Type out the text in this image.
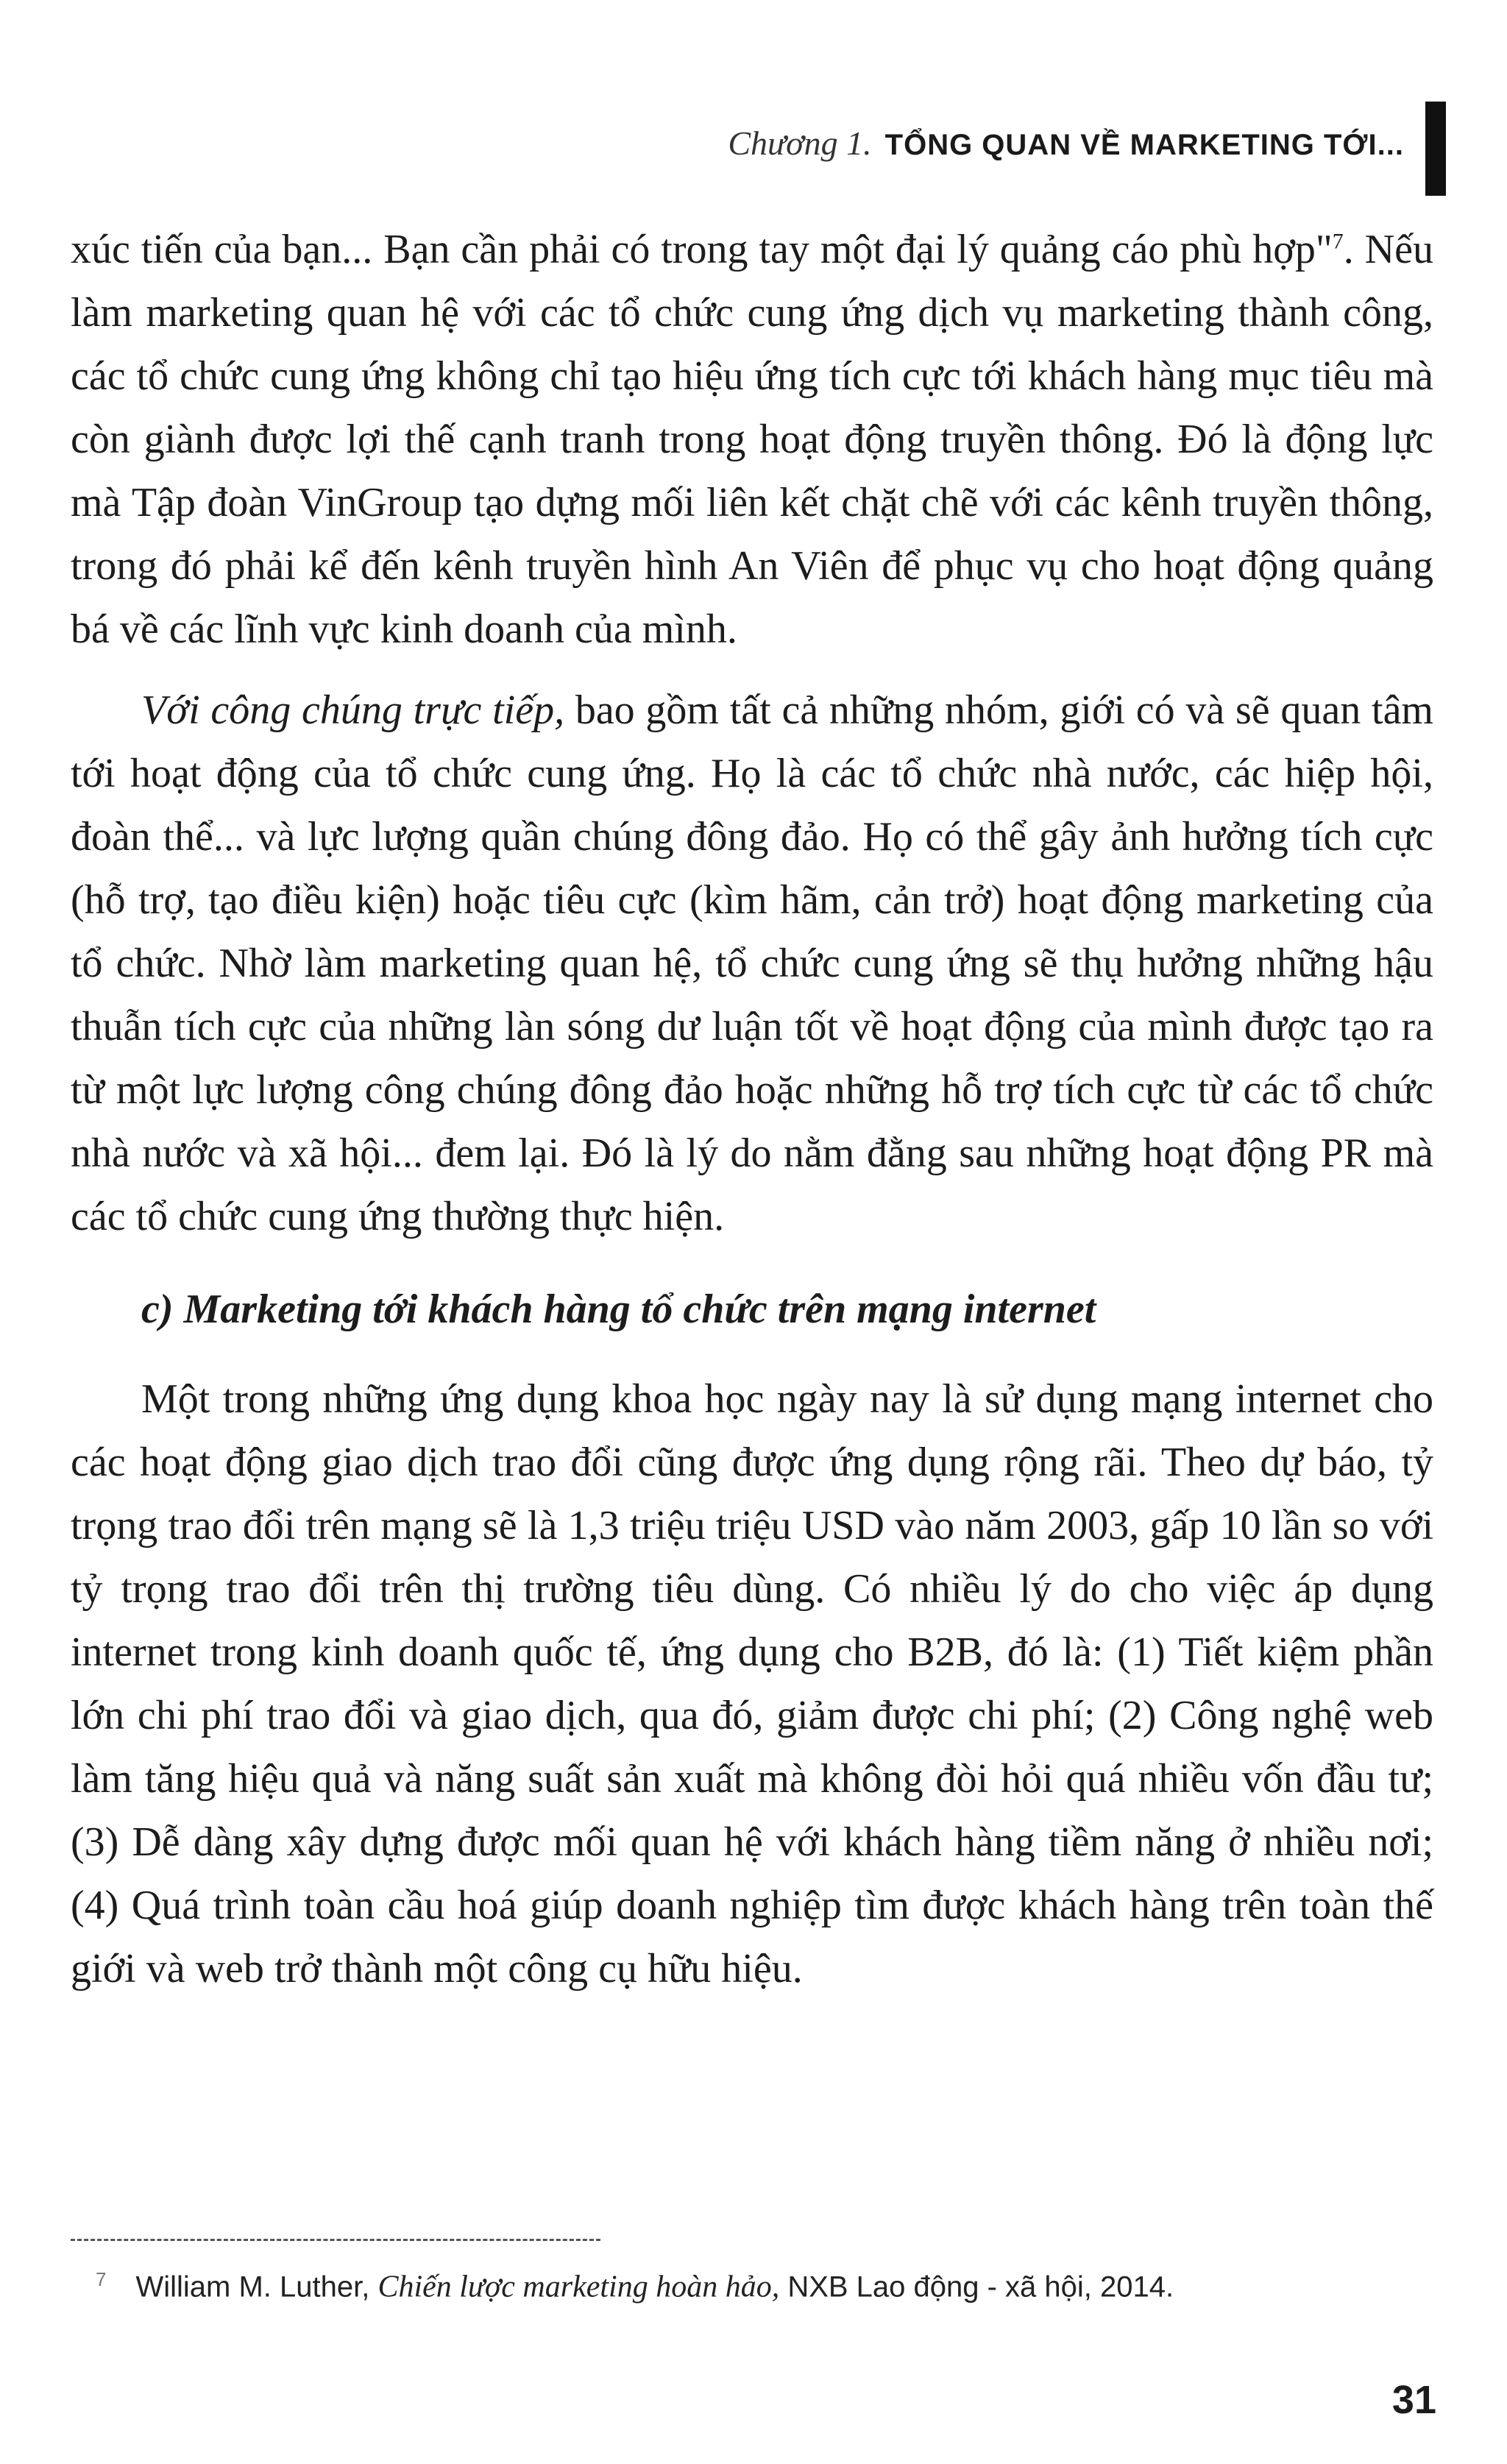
Chương 1. TỔNG QUAN VỀ MARKETING TỚI...

xúc tiến của bạn... Bạn cần phải có trong tay một đại lý quảng cáo phù hợp"$^7$. Nếu làm marketing quan hệ với các tổ chức cung ứng dịch vụ marketing thành công, các tổ chức cung ứng không chỉ tạo hiệu ứng tích cực tới khách hàng mục tiêu mà còn giành được lợi thế cạnh tranh trong hoạt động truyền thông. Đó là động lực mà Tập đoàn VinGroup tạo dựng mối liên kết chặt chẽ với các kênh truyền thông, trong đó phải kể đến kênh truyền hình An Viên để phục vụ cho hoạt động quảng bá về các lĩnh vực kinh doanh của mình.

Với công chúng trực tiếp, bao gồm tất cả những nhóm, giới có và sẽ quan tâm tới hoạt động của tổ chức cung ứng. Họ là các tổ chức nhà nước, các hiệp hội, đoàn thể... và lực lượng quần chúng đông đảo. Họ có thể gây ảnh hưởng tích cực (hỗ trợ, tạo điều kiện) hoặc tiêu cực (kìm hãm, cản trở) hoạt động marketing của tổ chức. Nhờ làm marketing quan hệ, tổ chức cung ứng sẽ thụ hưởng những hậu thuẫn tích cực của những làn sóng dư luận tốt về hoạt động của mình được tạo ra từ một lực lượng công chúng đông đảo hoặc những hỗ trợ tích cực từ các tổ chức nhà nước và xã hội... đem lại. Đó là lý do nằm đằng sau những hoạt động PR mà các tổ chức cung ứng thường thực hiện.

c) Marketing tới khách hàng tổ chức trên mạng internet

Một trong những ứng dụng khoa học ngày nay là sử dụng mạng internet cho các hoạt động giao dịch trao đổi cũng được ứng dụng rộng rãi. Theo dự báo, tỷ trọng trao đổi trên mạng sẽ là 1,3 triệu triệu USD vào năm 2003, gấp 10 lần so với tỷ trọng trao đổi trên thị trường tiêu dùng. Có nhiều lý do cho việc áp dụng internet trong kinh doanh quốc tế, ứng dụng cho B2B, đó là: (1) Tiết kiệm phần lớn chi phí trao đổi và giao dịch, qua đó, giảm được chi phí; (2) Công nghệ web làm tăng hiệu quả và năng suất sản xuất mà không đòi hỏi quá nhiều vốn đầu tư; (3) Dễ dàng xây dựng được mối quan hệ với khách hàng tiềm năng ở nhiều nơi; (4) Quá trình toàn cầu hoá giúp doanh nghiệp tìm được khách hàng trên toàn thế giới và web trở thành một công cụ hữu hiệu.

$^7$ William M. Luther, Chiến lược marketing hoàn hảo, NXB Lao động - xã hội, 2014.
31
